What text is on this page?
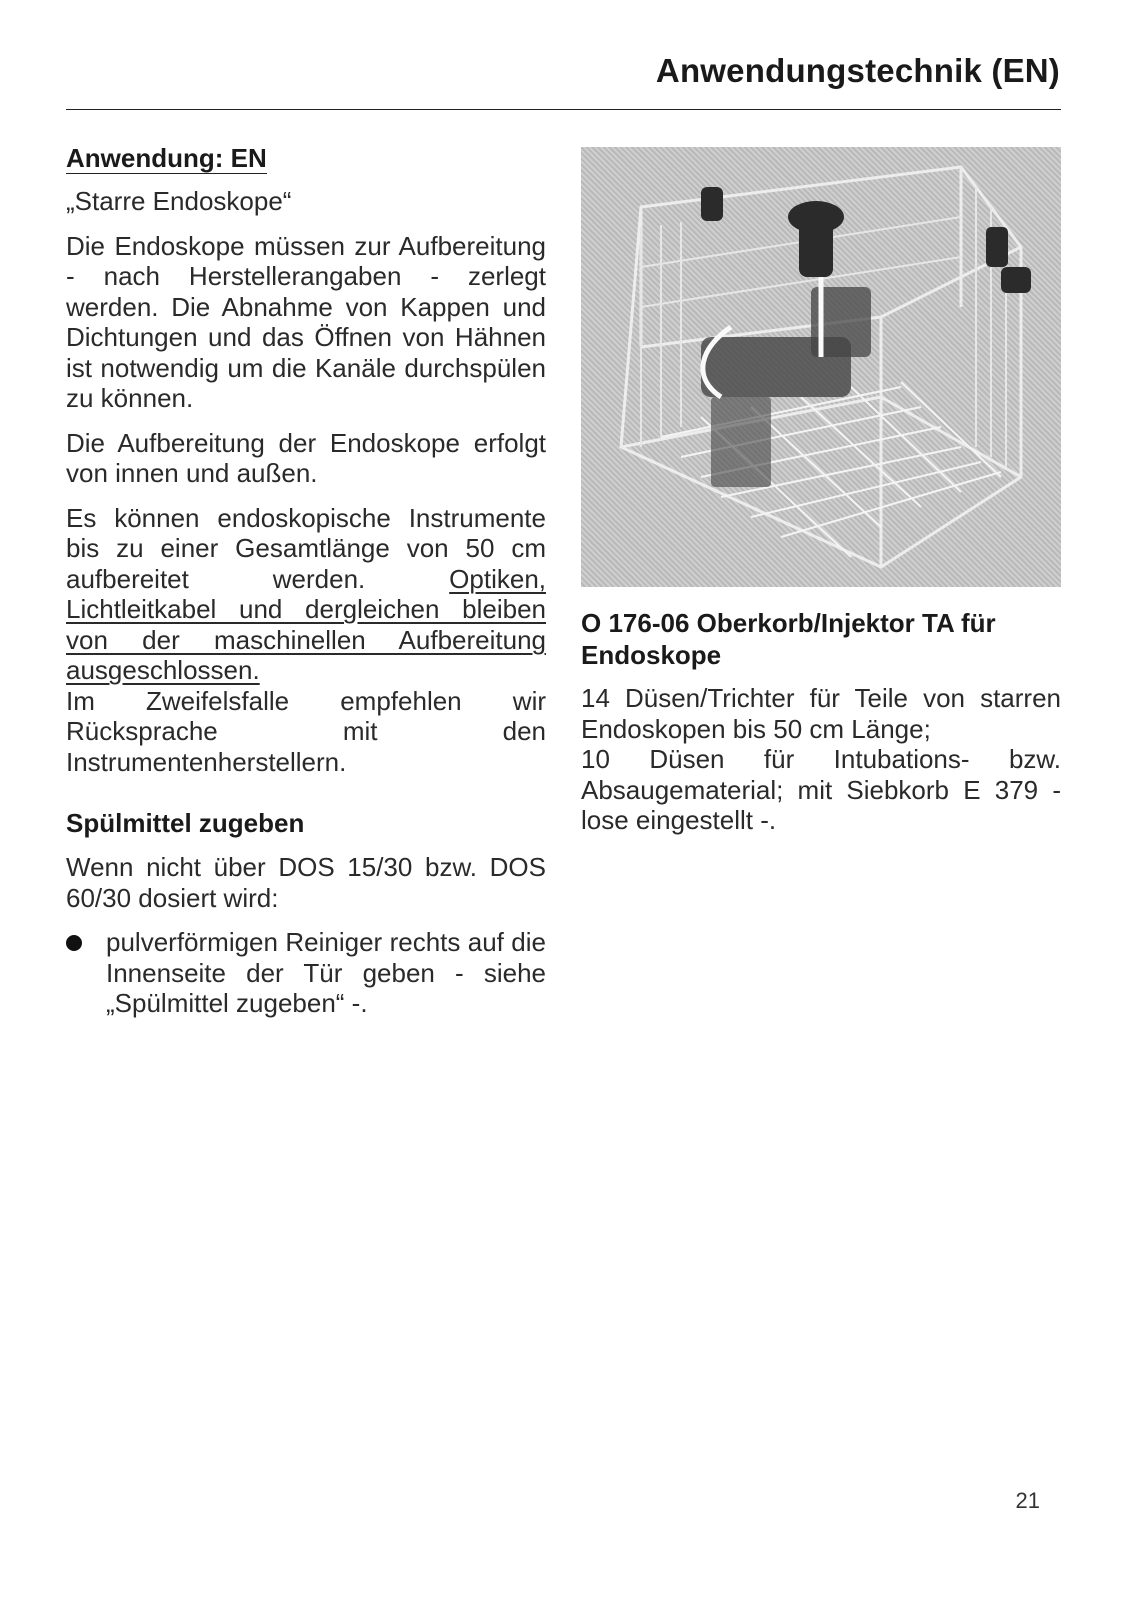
Anwendungstechnik (EN)
Anwendung: EN

„Starre Endoskope“

Die Endoskope müssen zur Aufbereitung - nach Herstellerangaben - zerlegt werden. Die Abnahme von Kappen und Dichtungen und das Öffnen von Hähnen ist notwendig um die Kanäle durchspülen zu können.

Die Aufbereitung der Endoskope erfolgt von innen und außen.

Es können endoskopische Instrumente bis zu einer Gesamtlänge von 50 cm aufbereitet werden. Optiken, Lichtleitkabel und dergleichen bleiben von der maschinellen Aufbereitung ausgeschlossen.

Im Zweifelsfalle empfehlen wir Rücksprache mit den Instrumentenherstellern.

Spülmittel zugeben

Wenn nicht über DOS 15/30 bzw. DOS 60/30 dosiert wird:

pulverförmigen Reiniger rechts auf die Innenseite der Tür geben - siehe „Spülmittel zugeben“ -.
O 176-06 Oberkorb/Injektor TA für Endoskope

14 Düsen/Trichter für Teile von starren Endoskopen bis 50 cm Länge;

10 Düsen für Intubations- bzw. Absaugematerial; mit Siebkorb E 379 - lose eingestellt -.

21
